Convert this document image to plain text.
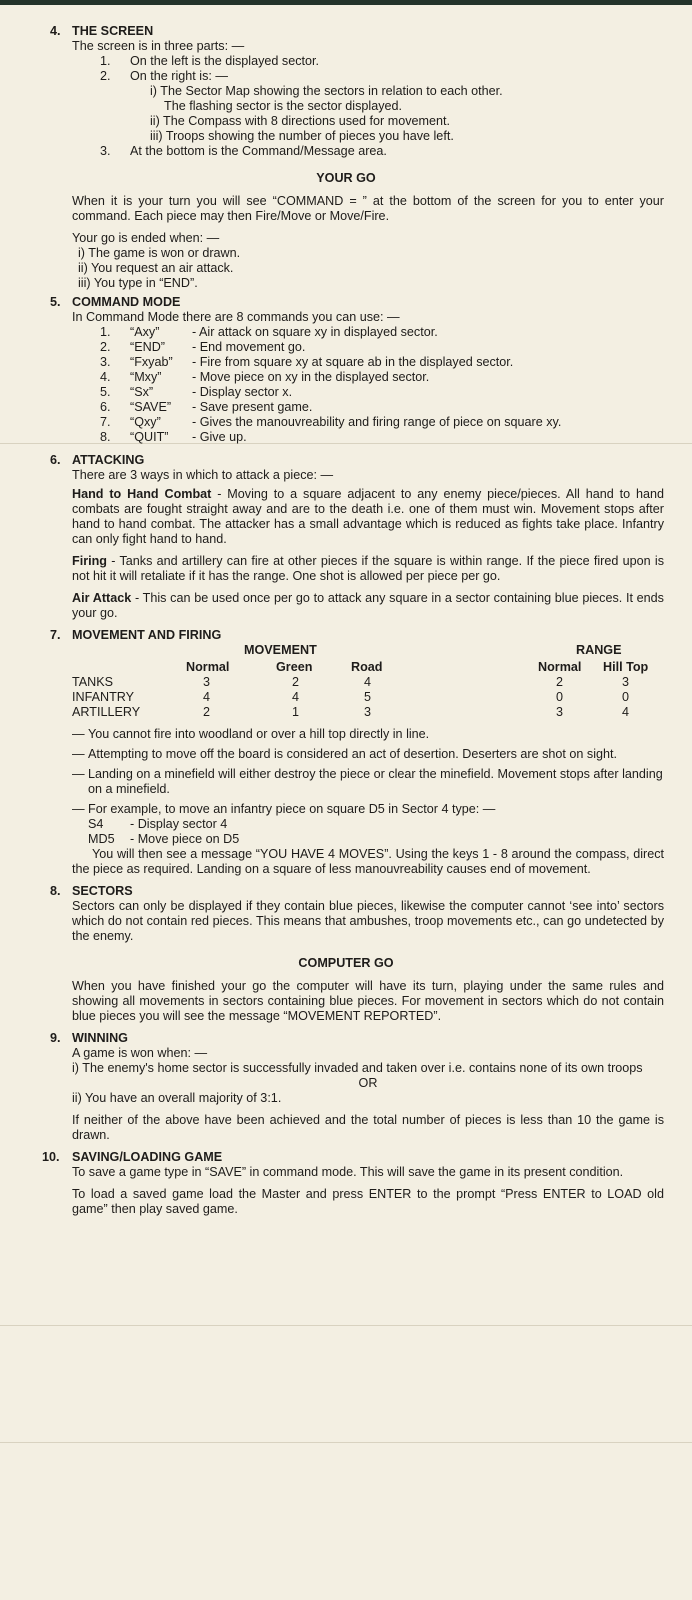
4. THE SCREEN
The screen is in three parts: —
1.	On the left is the displayed sector.
2.	On the right is: —
i) The Sector Map showing the sectors in relation to each other.
The flashing sector is the sector displayed.
ii) The Compass with 8 directions used for movement.
iii) Troops showing the number of pieces you have left.
3.	At the bottom is the Command/Message area.
YOUR GO
When it is your turn you will see “COMMAND = ” at the bottom of the screen for you to enter your command. Each piece may then Fire/Move or Move/Fire.
Your go is ended when: —
i) The game is won or drawn.
ii) You request an air attack.
iii) You type in “END”.
5. COMMAND MODE
In Command Mode there are 8 commands you can use: —
1.	“Axy”	- Air attack on square xy in displayed sector.
2.	“END”	- End movement go.
3.	“Fxyab”	- Fire from square xy at square ab in the displayed sector.
4.	“Mxy”	- Move piece on xy in the displayed sector.
5.	“Sx”	- Display sector x.
6.	“SAVE”	- Save present game.
7.	“Qxy”	- Gives the manouvreability and firing range of piece on square xy.
8.	“QUIT”	- Give up.
6. ATTACKING
There are 3 ways in which to attack a piece: —
Hand to Hand Combat - Moving to a square adjacent to any enemy piece/pieces. All hand to hand combats are fought straight away and are to the death i.e. one of them must win. Movement stops after hand to hand combat. The attacker has a small advantage which is reduced as fights take place. Infantry can only fight hand to hand.
Firing - Tanks and artillery can fire at other pieces if the square is within range. If the piece fired upon is not hit it will retaliate if it has the range. One shot is allowed per piece per go.
Air Attack - This can be used once per go to attack any square in a sector containing blue pieces. It ends your go.
7. MOVEMENT AND FIRING
MOVEMENT	RANGE
Normal	Green	Road	Normal Hill Top
TANKS	3	2	4	2	3
INFANTRY	4	4	5	0	0
ARTILLERY	2	1	3	3	4
— You cannot fire into woodland or over a hill top directly in line.
— Attempting to move off the board is considered an act of desertion. Deserters are shot on sight.
— Landing on a minefield will either destroy the piece or clear the minefield. Movement stops after landing on a minefield.
— For example, to move an infantry piece on square D5 in Sector 4 type: —
S4	- Display sector 4
MD5	- Move piece on D5
You will then see a message “YOU HAVE 4 MOVES”. Using the keys 1 - 8 around the compass, direct the piece as required. Landing on a square of less manouvreability causes end of movement.
8. SECTORS
Sectors can only be displayed if they contain blue pieces, likewise the computer cannot ‘see into’ sectors which do not contain red pieces. This means that ambushes, troop movements etc., can go undetected by the enemy.
COMPUTER GO
When you have finished your go the computer will have its turn, playing under the same rules and showing all movements in sectors containing blue pieces. For movement in sectors which do not contain blue pieces you will see the message “MOVEMENT REPORTED”.
9. WINNING
A game is won when: —
i) The enemy's home sector is successfully invaded and taken over i.e. contains none of its own troops
OR
ii) You have an overall majority of 3:1.
If neither of the above have been achieved and the total number of pieces is less than 10 the game is drawn.
10. SAVING/LOADING GAME
To save a game type in “SAVE” in command mode. This will save the game in its present condition.
To load a saved game load the Master and press ENTER to the prompt “Press ENTER to LOAD old game” then play saved game.
